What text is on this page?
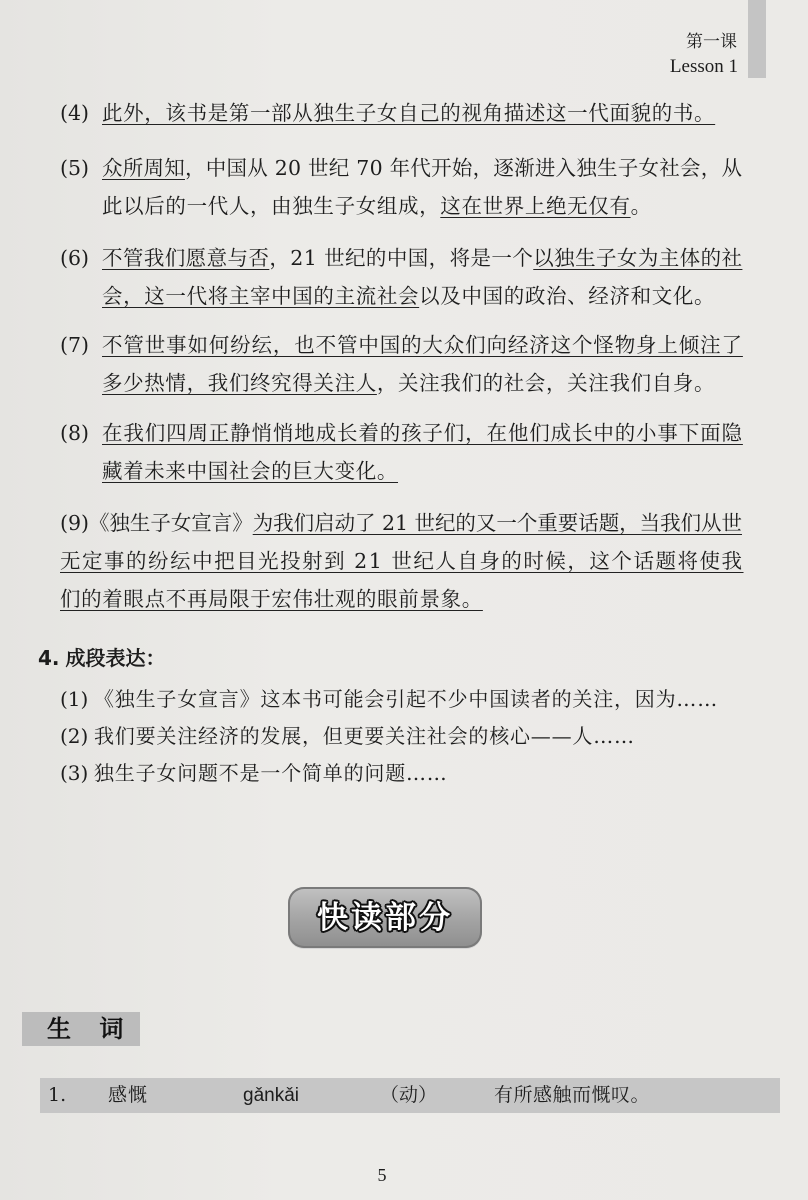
第一课
Lesson 1
(4) 此外，该书是第一部从独生子女自己的视角描述这一代面貌的书。
(5) 众所周知，中国从 20 世纪 70 年代开始，逐渐进入独生子女社会，从
此以后的一代人，由独生子女组成，这在世界上绝无仅有。
(6) 不管我们愿意与否，21 世纪的中国，将是一个以独生子女为主体的社
会，这一代将主宰中国的主流社会以及中国的政治、经济和文化。
(7) 不管世事如何纷纭，也不管中国的大众们向经济这个怪物身上倾注了
多少热情，我们终究得关注人，关注我们的社会，关注我们自身。
(8) 在我们四周正静悄悄地成长着的孩子们，在他们成长中的小事下面隐
藏着未来中国社会的巨大变化。
(9)《独生子女宣言》为我们启动了 21 世纪的又一个重要话题，当我们从世
无定事的纷纭中把目光投射到 21 世纪人自身的时候，这个话题将使我
们的着眼点不再局限于宏伟壮观的眼前景象。
4. 成段表达：
(1) 《独生子女宣言》这本书可能会引起不少中国读者的关注，因为……
(2) 我们要关注经济的发展，但更要关注社会的核心——人……
(3) 独生子女问题不是一个简单的问题……
快读部分
生 词
1. 感慨	gǎnkǎi	（动）	有所感触而慨叹。
5
